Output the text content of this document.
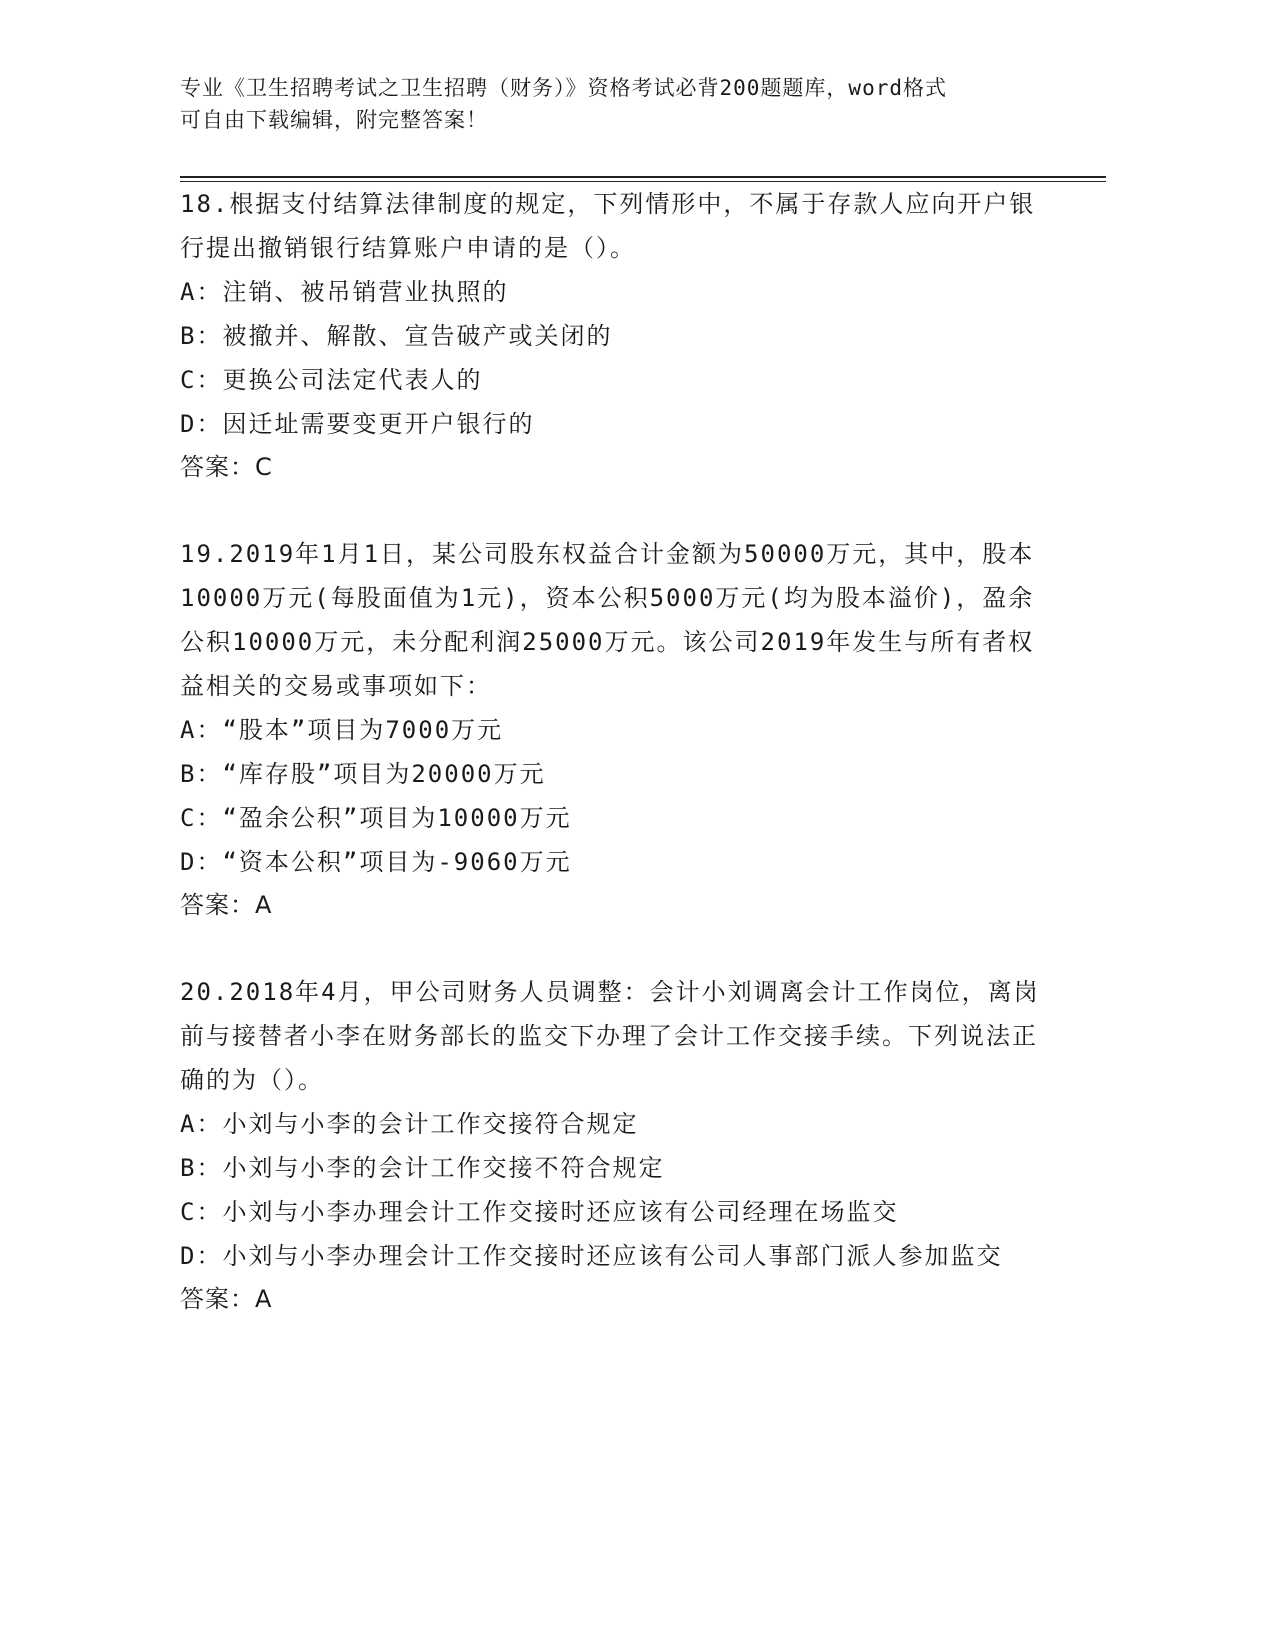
专业《卫生招聘考试之卫生招聘（财务）》资格考试必背200题题库，word格式
可自由下载编辑，附完整答案！
18.根据支付结算法律制度的规定，下列情形中，不属于存款人应向开户银行提出撤销银行结算账户申请的是（）。
A：注销、被吊销营业执照的
B：被撤并、解散、宣告破产或关闭的
C：更换公司法定代表人的
D：因迁址需要变更开户银行的
答案：C
19.2019年1月1日，某公司股东权益合计金额为50000万元，其中，股本10000万元(每股面值为1元)，资本公积5000万元(均为股本溢价)，盈余公积10000万元，未分配利润25000万元。该公司2019年发生与所有者权益相关的交易或事项如下：
A：“股本”项目为7000万元
B：“库存股”项目为20000万元
C：“盈余公积”项目为10000万元
D：“资本公积”项目为-9060万元
答案：A
20.2018年4月，甲公司财务人员调整：会计小刘调离会计工作岗位，离岗前与接替者小李在财务部长的监交下办理了会计工作交接手续。下列说法正确的为（）。
A：小刘与小李的会计工作交接符合规定
B：小刘与小李的会计工作交接不符合规定
C：小刘与小李办理会计工作交接时还应该有公司经理在场监交
D：小刘与小李办理会计工作交接时还应该有公司人事部门派人参加监交
答案：A
